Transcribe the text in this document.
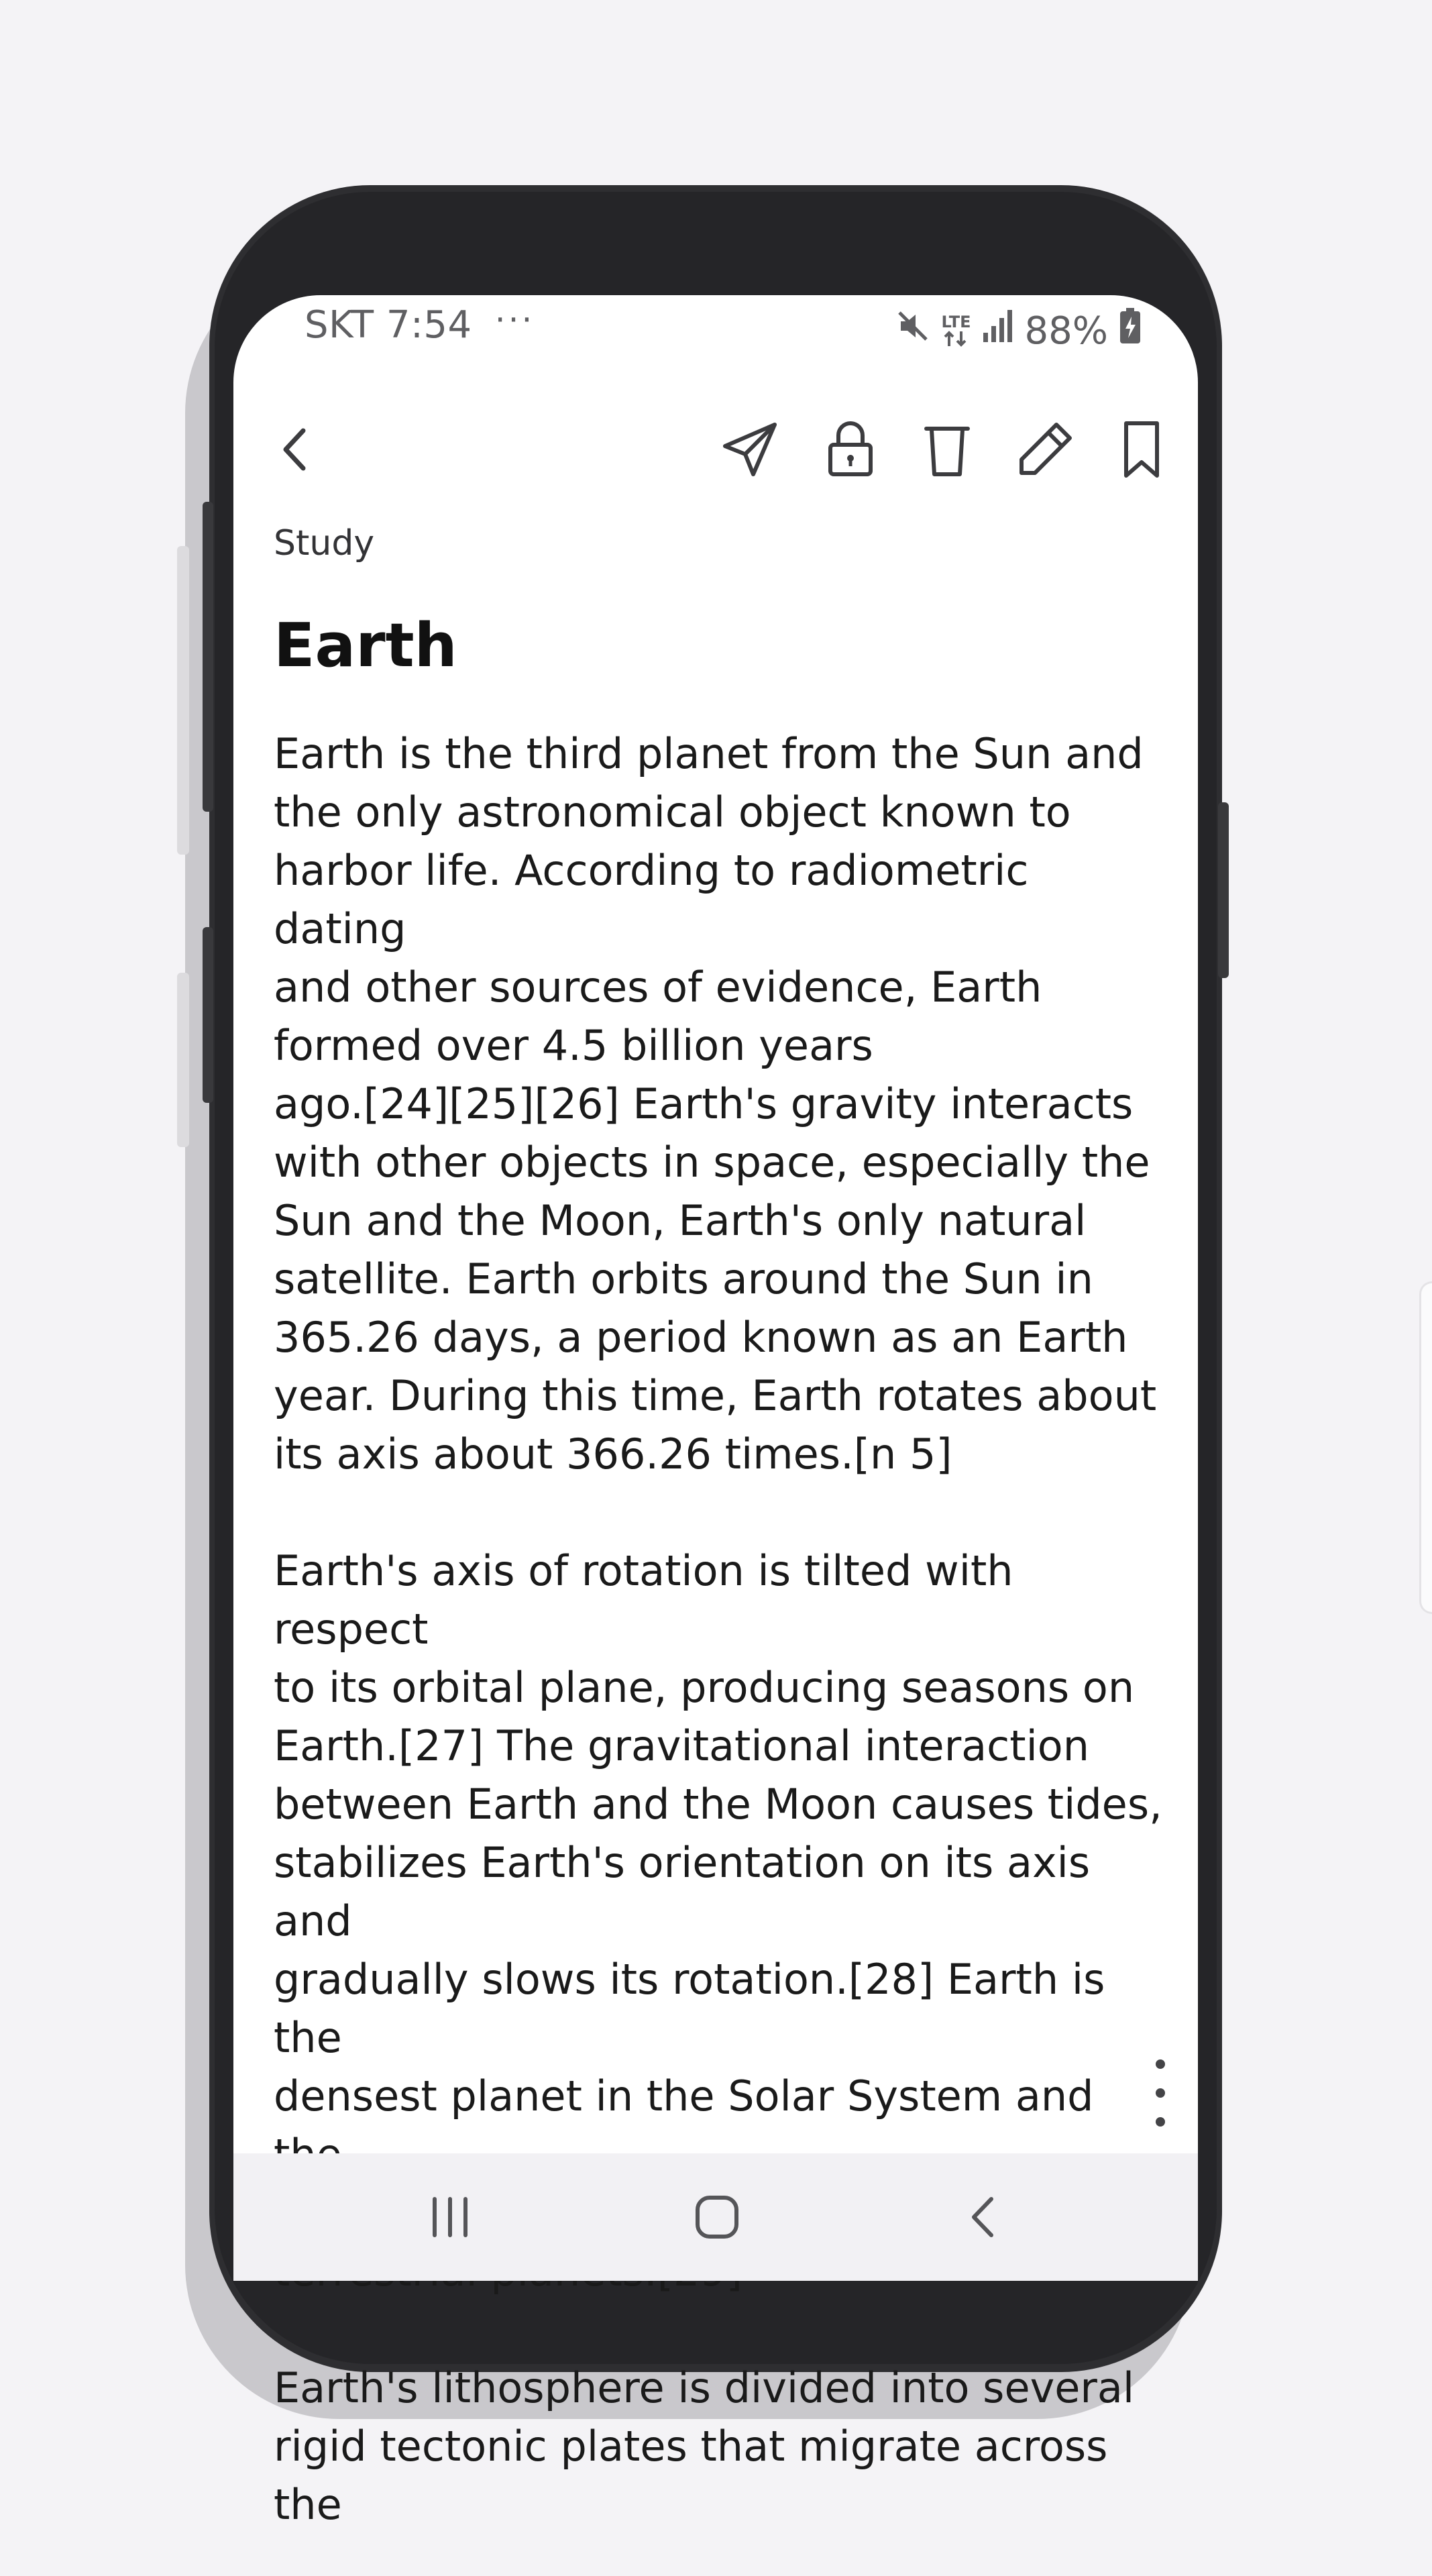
SKT 7:54 ···	LTE 88%
Study
Earth

Earth is the third planet from the Sun and
the only astronomical object known to
harbor life. According to radiometric dating
and other sources of evidence, Earth
formed over 4.5 billion years
ago.[24][25][26] Earth's gravity interacts
with other objects in space, especially the
Sun and the Moon, Earth's only natural
satellite. Earth orbits around the Sun in
365.26 days, a period known as an Earth
year. During this time, Earth rotates about
its axis about 366.26 times.[n 5]

Earth's axis of rotation is tilted with respect
to its orbital plane, producing seasons on
Earth.[27] The gravitational interaction
between Earth and the Moon causes tides,
stabilizes Earth's orientation on its axis and
gradually slows its rotation.[28] Earth is the
densest planet in the Solar System and

Earth's lithosphere is divided into several
rigid tectonic plates that migrate across the
